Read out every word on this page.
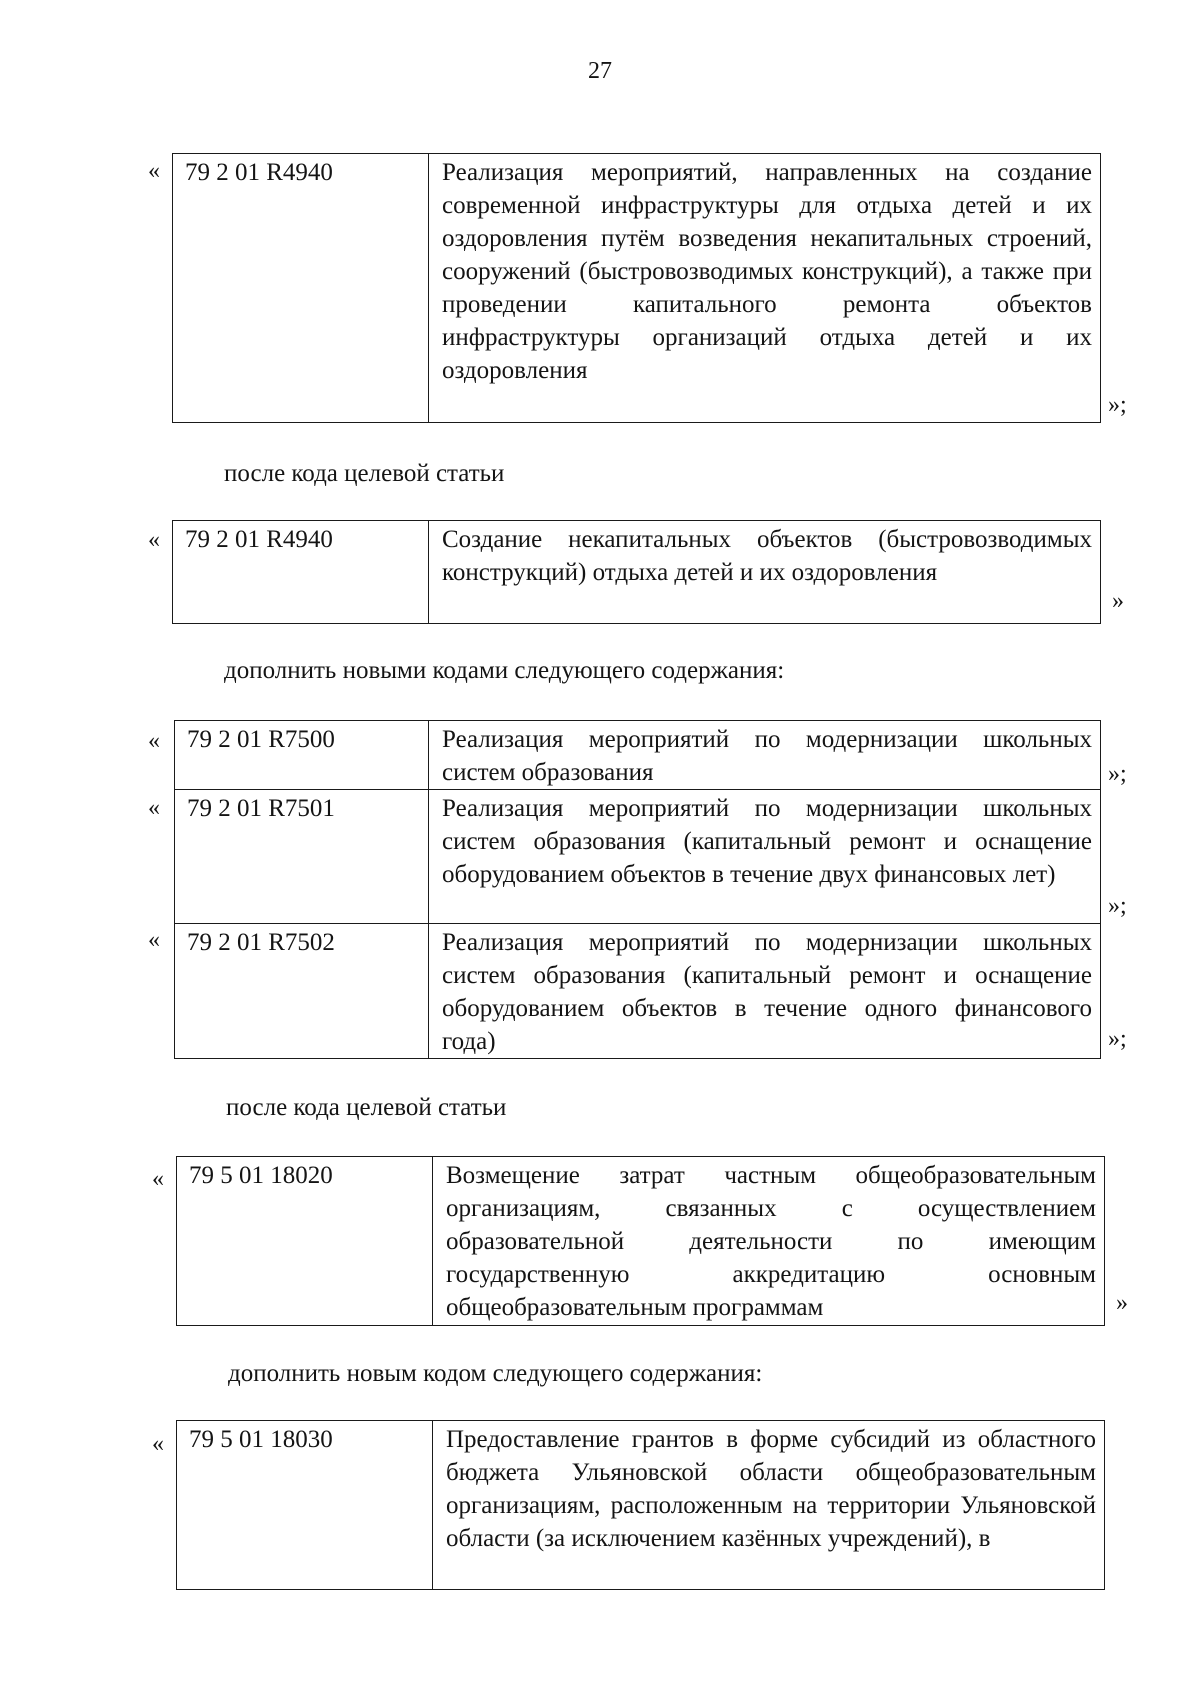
27
« 79 2 01 R4940	Реализация мероприятий, направленных на создание современной инфраструктуры для отдыха детей и их оздоровления путём возведения некапитальных строений, сооружений (быстровозводимых конструкций), а также при проведении капитального ремонта объектов инфраструктуры организаций отдыха детей и их оздоровления
»;
после кода целевой статьи
« 79 2 01 R4940	Создание некапитальных объектов (быстровозводимых конструкций) отдыха детей и их оздоровления
»
дополнить новыми кодами следующего содержания:
«
«
«
79 2 01 R7500	Реализация мероприятий по модернизации школьных систем образования
79 2 01 R7501	Реализация мероприятий по модернизации школьных систем образования (капитальный ремонт и оснащение оборудованием объектов в течение двух финансовых лет)
79 2 01 R7502	Реализация мероприятий по модернизации школьных систем образования (капитальный ремонт и оснащение оборудованием объектов в течение одного финансового года)
»;
»;
»;
после кода целевой статьи
« 79 5 01 18020	Возмещение затрат частным общеобразовательным организациям, связанных с осуществлением образовательной деятельности по имеющим государственную аккредитацию основным общеобразовательным программам	»
дополнить новым кодом следующего содержания:
« 79 5 01 18030	Предоставление грантов в форме субсидий из областного бюджета Ульяновской области общеобразовательным организациям, расположенным на территории Ульяновской области (за исключением казённых учреждений), в
